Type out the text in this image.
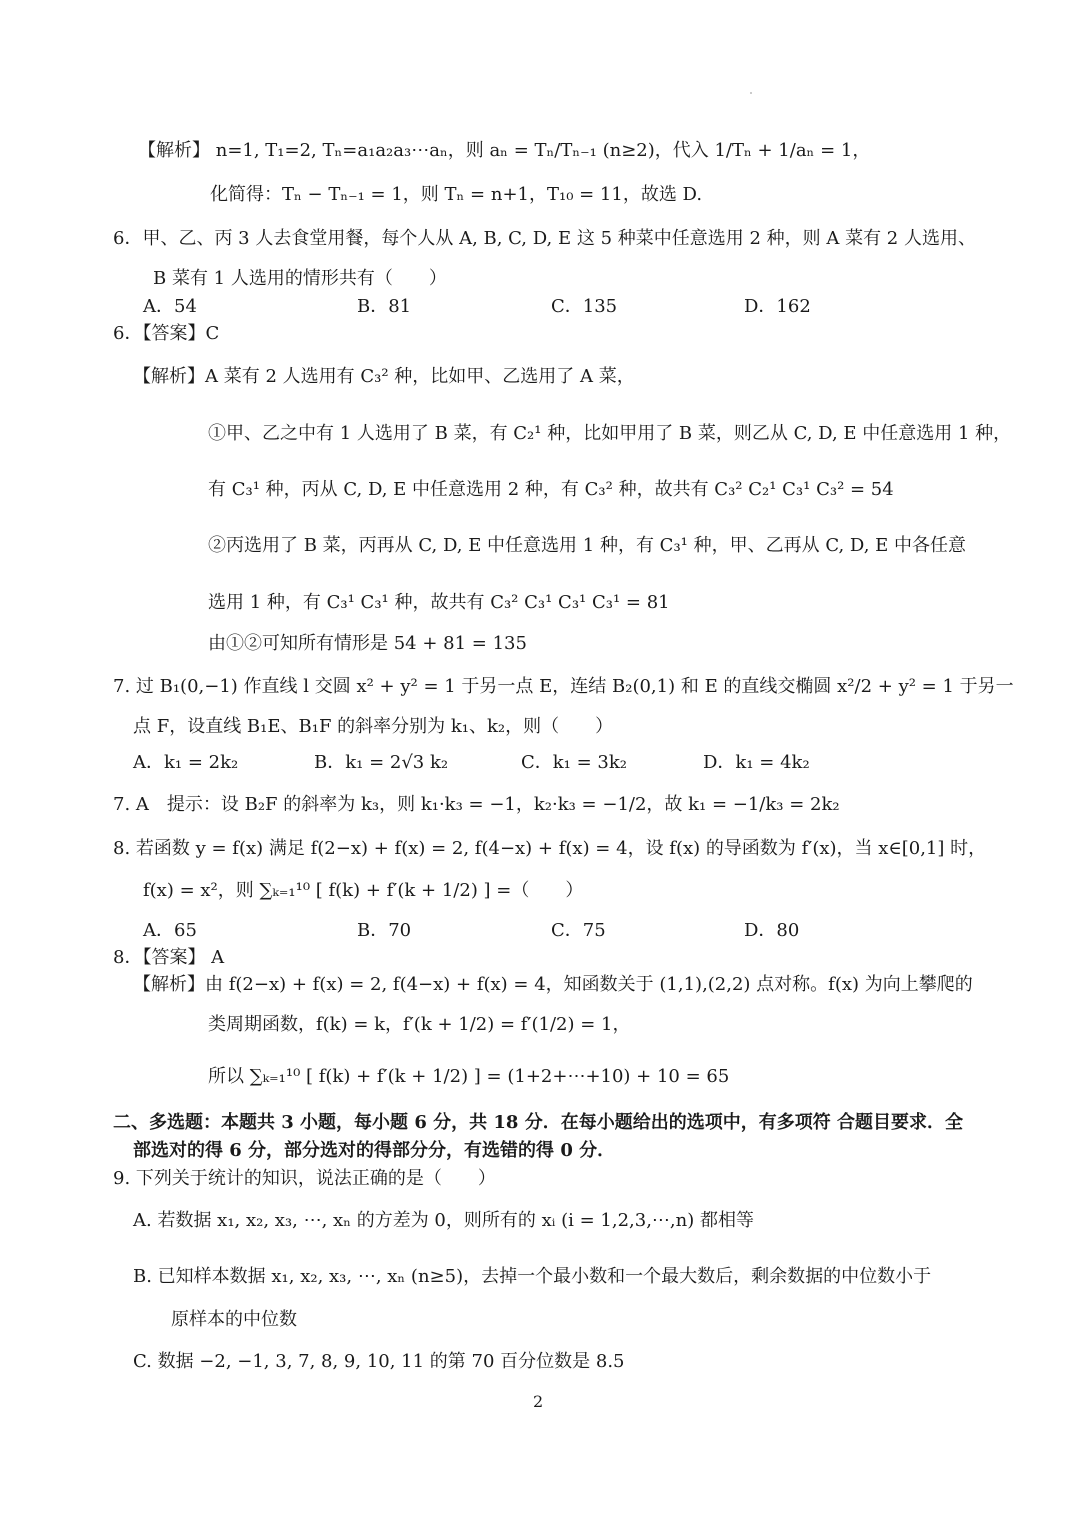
【解析】 n=1, T₁=2, Tₙ=a₁a₂a₃⋯aₙ，则 aₙ = Tₙ/Tₙ₋₁ (n≥2)，代入 1/Tₙ + 1/aₙ = 1，
化简得：Tₙ − Tₙ₋₁ = 1，则 Tₙ = n+1，T₁₀ = 11，故选 D.
6．甲、乙、丙 3 人去食堂用餐，每个人从 A, B, C, D, E 这 5 种菜中任意选用 2 种，则 A 菜有 2 人选用、
B 菜有 1 人选用的情形共有（　　）
A．54	B．81	C．135	D．162
6．【答案】C
【解析】A 菜有 2 人选用有 C₃² 种，比如甲、乙选用了 A 菜，
①甲、乙之中有 1 人选用了 B 菜，有 C₂¹ 种，比如甲用了 B 菜，则乙从 C, D, E 中任意选用 1 种，
有 C₃¹ 种，丙从 C, D, E 中任意选用 2 种，有 C₃² 种，故共有 C₃² C₂¹ C₃¹ C₃² = 54
②丙选用了 B 菜，丙再从 C, D, E 中任意选用 1 种，有 C₃¹ 种，甲、乙再从 C, D, E 中各任意
选用 1 种，有 C₃¹ C₃¹ 种，故共有 C₃² C₃¹ C₃¹ C₃¹ = 81
由①②可知所有情形是 54 + 81 = 135
7. 过 B₁(0,−1) 作直线 l 交圆 x² + y² = 1 于另一点 E，连结 B₂(0,1) 和 E 的直线交椭圆 x²/2 + y² = 1 于另一
点 F，设直线 B₁E、B₁F 的斜率分别为 k₁、k₂，则（　　）
A．k₁ = 2k₂	B．k₁ = 2√3 k₂	C．k₁ = 3k₂	D．k₁ = 4k₂
7. A　提示：设 B₂F 的斜率为 k₃，则 k₁·k₃ = −1，k₂·k₃ = −1/2，故 k₁ = −1/k₃ = 2k₂
8. 若函数 y = f(x) 满足 f(2−x) + f(x) = 2, f(4−x) + f(x) = 4，设 f(x) 的导函数为 f′(x)，当 x∈[0,1] 时，
f(x) = x²，则 ∑ₖ₌₁¹⁰ [ f(k) + f′(k + 1/2) ] =（　　）
A．65	B．70	C．75	D．80
8．【答案】 A
【解析】由 f(2−x) + f(x) = 2, f(4−x) + f(x) = 4，知函数关于 (1,1),(2,2) 点对称。f(x) 为向上攀爬的
类周期函数，f(k) = k，f′(k + 1/2) = f′(1/2) = 1，
所以 ∑ₖ₌₁¹⁰ [ f(k) + f′(k + 1/2) ] = (1+2+⋯+10) + 10 = 65
二、多选题：本题共 3 小题，每小题 6 分，共 18 分．在每小题给出的选项中，有多项符 合题目要求．全
部选对的得 6 分，部分选对的得部分分，有选错的得 0 分．
9. 下列关于统计的知识，说法正确的是（　　）
A. 若数据 x₁, x₂, x₃, ⋯, xₙ 的方差为 0，则所有的 xᵢ (i = 1,2,3,⋯,n) 都相等
B. 已知样本数据 x₁, x₂, x₃, ⋯, xₙ (n≥5)，去掉一个最小数和一个最大数后，剩余数据的中位数小于
原样本的中位数
C. 数据 −2, −1, 3, 7, 8, 9, 10, 11 的第 70 百分位数是 8.5
2
